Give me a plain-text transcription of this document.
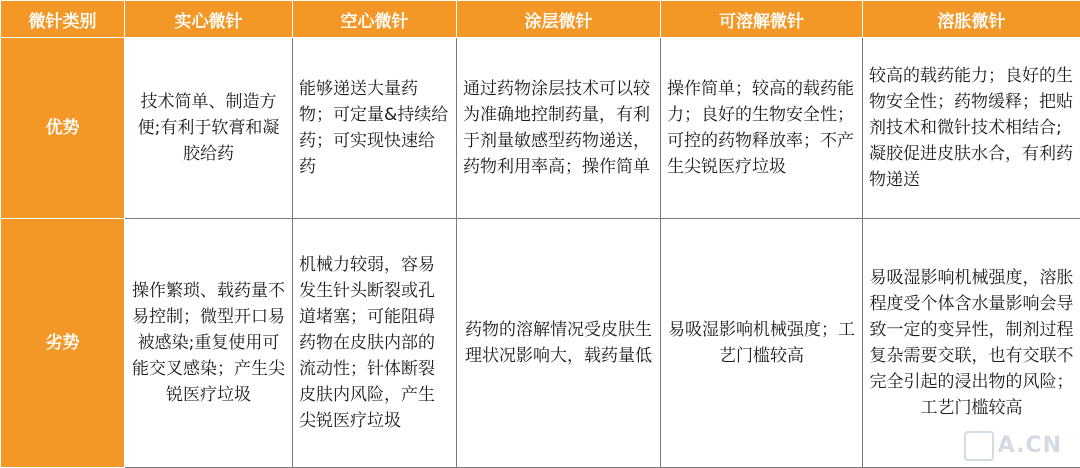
微针类别	实心微针	空心微针	涂层微针	可溶解微针	溶胀微针
优势	技术简单、制造方便;有利于软膏和凝胶给药	能够递送大量药物；可定量&持续给药；可实现快速给药	通过药物涂层技术可以较为准确地控制药量，有利于剂量敏感型药物递送，药物利用率高；操作简单	操作简单；较高的载药能力；良好的生物安全性；可控的药物释放率；不产生尖锐医疗垃圾	较高的载药能力；良好的生物安全性；药物缓释；把贴剂技术和微针技术相结合;凝胶促进皮肤水合，有利药物递送
劣势	操作繁琐、载药量不易控制；微型开口易被感染;重复使用可能交叉感染；产生尖锐医疗垃圾	机械力较弱，容易发生针头断裂或孔道堵塞；可能阻碍药物在皮肤内部的流动性；针体断裂皮肤内风险，产生尖锐医疗垃圾	药物的溶解情况受皮肤生理状况影响大，载药量低	易吸湿影响机械强度；工艺门槛较高	易吸湿影响机械强度，溶胀程度受个体含水量影响会导致一定的变异性，制剂过程复杂需要交联，也有交联不完全引起的浸出物的风险；工艺门槛较高
A.CN
